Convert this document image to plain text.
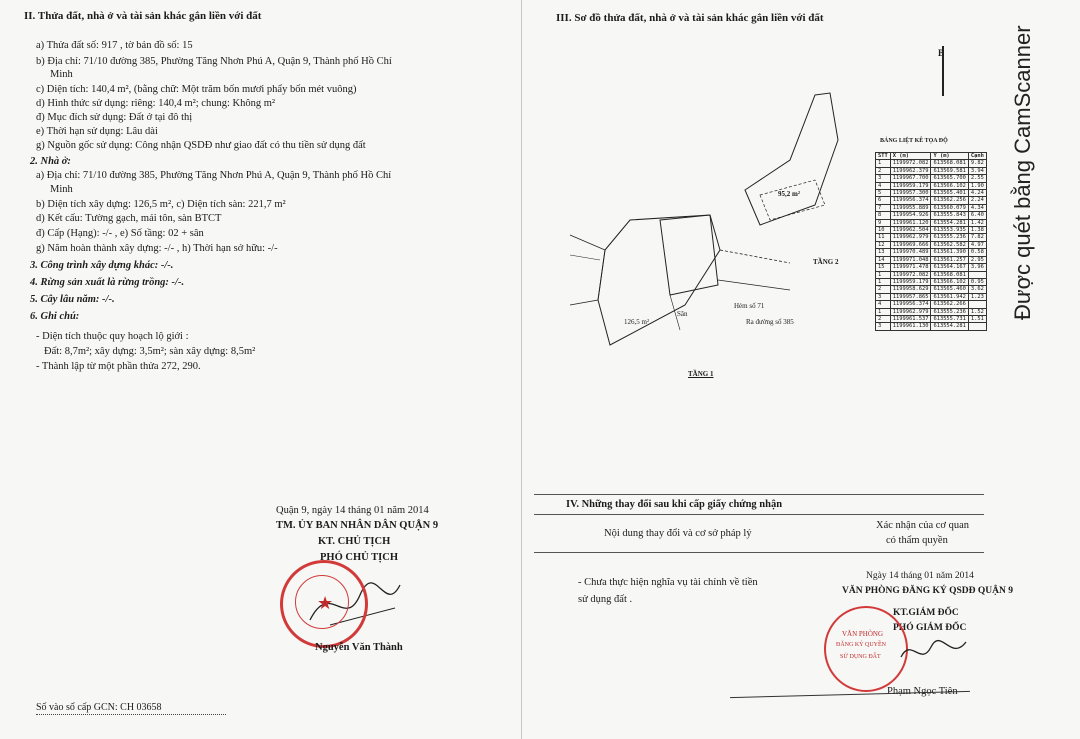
II. Thửa đất, nhà ở và tài sản khác gắn liền với đất
a) Thửa đất số: 917 , tờ bản đồ số: 15
b) Địa chỉ: 71/10 đường 385, Phường Tăng Nhơn Phú A, Quận 9, Thành phố Hồ Chí
Minh
c) Diện tích: 140,4 m², (bằng chữ: Một trăm bốn mươi phẩy bốn mét vuông)
d) Hình thức sử dụng: riêng: 140,4 m²; chung: Không m²
đ) Mục đích sử dụng: Đất ở tại đô thị
e) Thời hạn sử dụng: Lâu dài
g) Nguồn gốc sử dụng: Công nhận QSDĐ như giao đất có thu tiền sử dụng đất
2. Nhà ở:
a) Địa chỉ: 71/10 đường 385, Phường Tăng Nhơn Phú A, Quận 9, Thành phố Hồ Chí
Minh
b) Diện tích xây dựng: 126,5 m², c) Diện tích sàn: 221,7 m²
d) Kết cấu: Tường gạch, mái tôn, sàn BTCT
đ) Cấp (Hạng): -/- , e) Số tầng: 02 + sân
g) Năm hoàn thành xây dựng: -/- , h) Thời hạn sở hữu: -/-
3. Công trình xây dựng khác: -/-.
4. Rừng sản xuất là rừng trồng: -/-.
5. Cây lâu năm: -/-.
6. Ghi chú:
- Diện tích thuộc quy hoạch lộ giới :
Đất: 8,7m²; xây dựng: 3,5m²; sàn xây dựng: 8,5m²
- Thành lập từ một phần thửa 272, 290.
Quận 9, ngày 14 tháng 01 năm 2014
TM. ỦY BAN NHÂN DÂN QUẬN 9
KT. CHỦ TỊCH
PHÓ CHỦ TỊCH
★
Nguyễn Văn Thành
Số vào sổ cấp GCN: CH 03658
III. Sơ đồ thửa đất, nhà ở và tài sản khác gắn liền với đất
B
95,2 m²
TẦNG 2
126,5 m²
Sân
Hẻm số 71
Ra đường số 385
TẦNG 1
BẢNG LIỆT KÊ TỌA ĐỘ
STT	X (m)	Y (m)	Cạnh
1	1199972.082	613568.081	9.82
2	1199962.379	613569.581	3.94
3	1199967.700	613565.700	2.55
4	1199959.179	613566.102	1.90
5	1199957.300	613565.401	4.24
6	1199956.374	613562.256	2.24
7	1199955.889	613560.079	4.34
8	1199954.926	613555.843	6.40
9	1199961.120	613554.281	1.42
10	1199962.504	613553.935	1.38
11	1199962.979	613555.236	7.82
12	1199969.666	613562.582	4.97
13	1199970.489	613561.390	0.58
14	1199971.048	613561.257	2.95
15	1199971.478	613564.167	3.96
1	1199972.082	613568.081	
1	1199959.179	613566.102	0.95
2	1199958.629	613565.460	3.62
3	1199957.865	613561.942	1.23
4	1199956.374	613562.266	
1	1199962.979	613555.236	1.52
2	1199961.537	613555.731	1.51
3	1199961.130	613554.281	
IV. Những thay đổi sau khi cấp giấy chứng nhận
Nội dung thay đổi và cơ sở pháp lý
Xác nhận của cơ quan
có thẩm quyền
- Chưa thực hiện nghĩa vụ tài chính về tiền
sử dụng đất .
Ngày 14 tháng 01 năm 2014
VĂN PHÒNG ĐĂNG KÝ QSDĐ QUẬN 9
KT.GIÁM ĐỐC
PHÓ GIÁM ĐỐC
VĂN PHÒNG
ĐĂNG KÝ QUYỀN
SỬ DỤNG ĐẤT
Phạm Ngọc Tiên
Được quét bằng CamScanner
